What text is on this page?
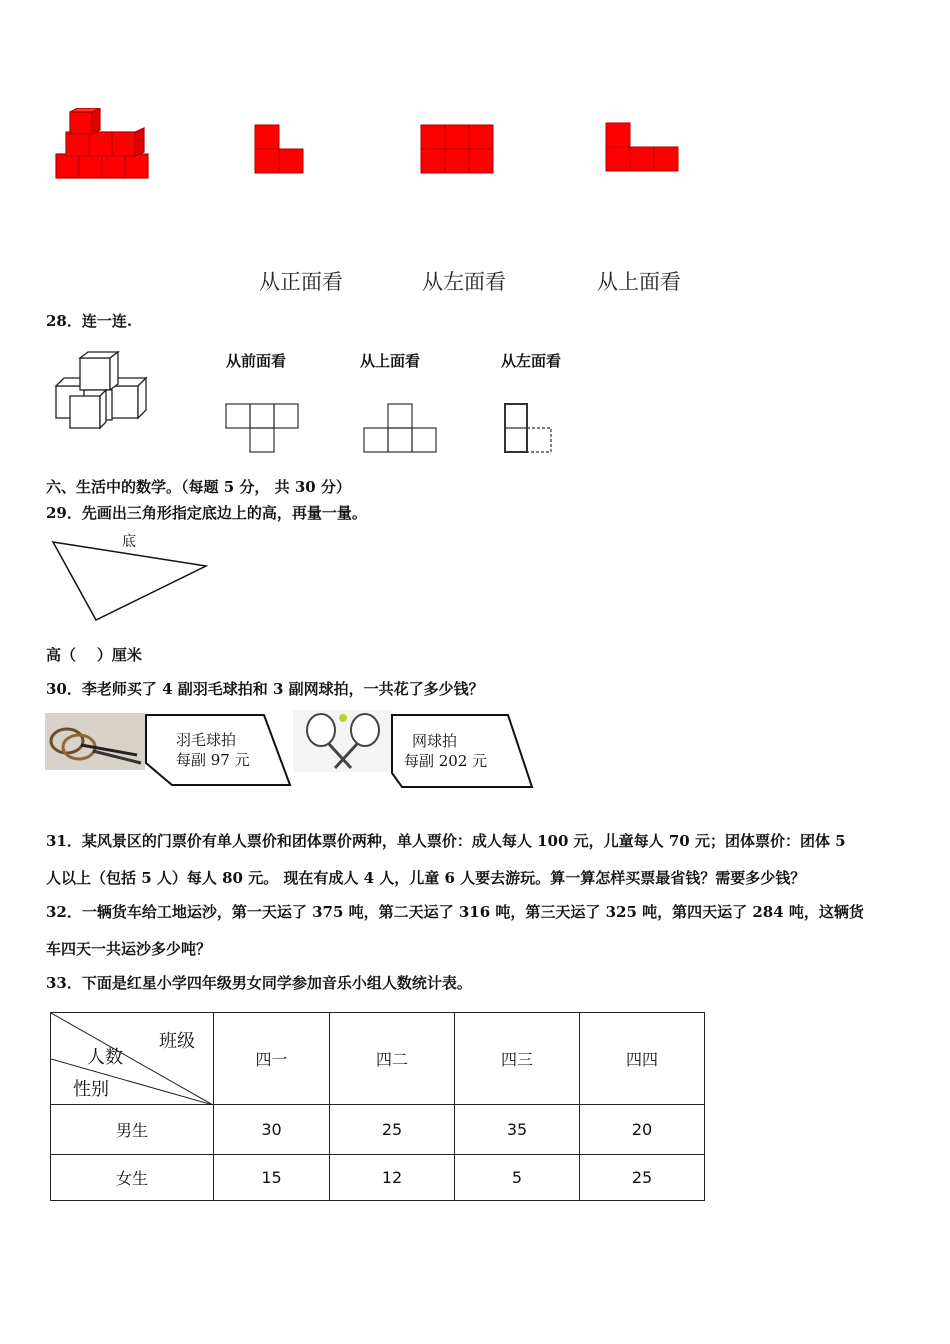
从正面看	从左面看	从上面看
28．连一连.
从前面看	从上面看	从左面看
六、生活中的数学。（每题 5 分， 共 30 分）
29．先画出三角形指定底边上的高，再量一量。
底
高（    ）厘米
30．李老师买了 4 副羽毛球拍和 3 副网球拍，一共花了多少钱？
羽毛球拍
每副 97 元
网球拍
每副 202 元
31．某风景区的门票价有单人票价和团体票价两种，单人票价：成人每人 100 元，儿童每人 70 元；团体票价：团体 5
人以上（包括 5 人）每人 80 元。 现在有成人 4 人，儿童 6 人要去游玩。算一算怎样买票最省钱？需要多少钱？
32．一辆货车给工地运沙，第一天运了 375 吨，第二天运了 316 吨，第三天运了 325 吨，第四天运了 284 吨，这辆货
车四天一共运沙多少吨？
33．下面是红星小学四年级男女同学参加音乐小组人数统计表。
班级
人数
性别	四一	四二	四三	四四
男生	30	25	35	20
女生	15	12	5	25
